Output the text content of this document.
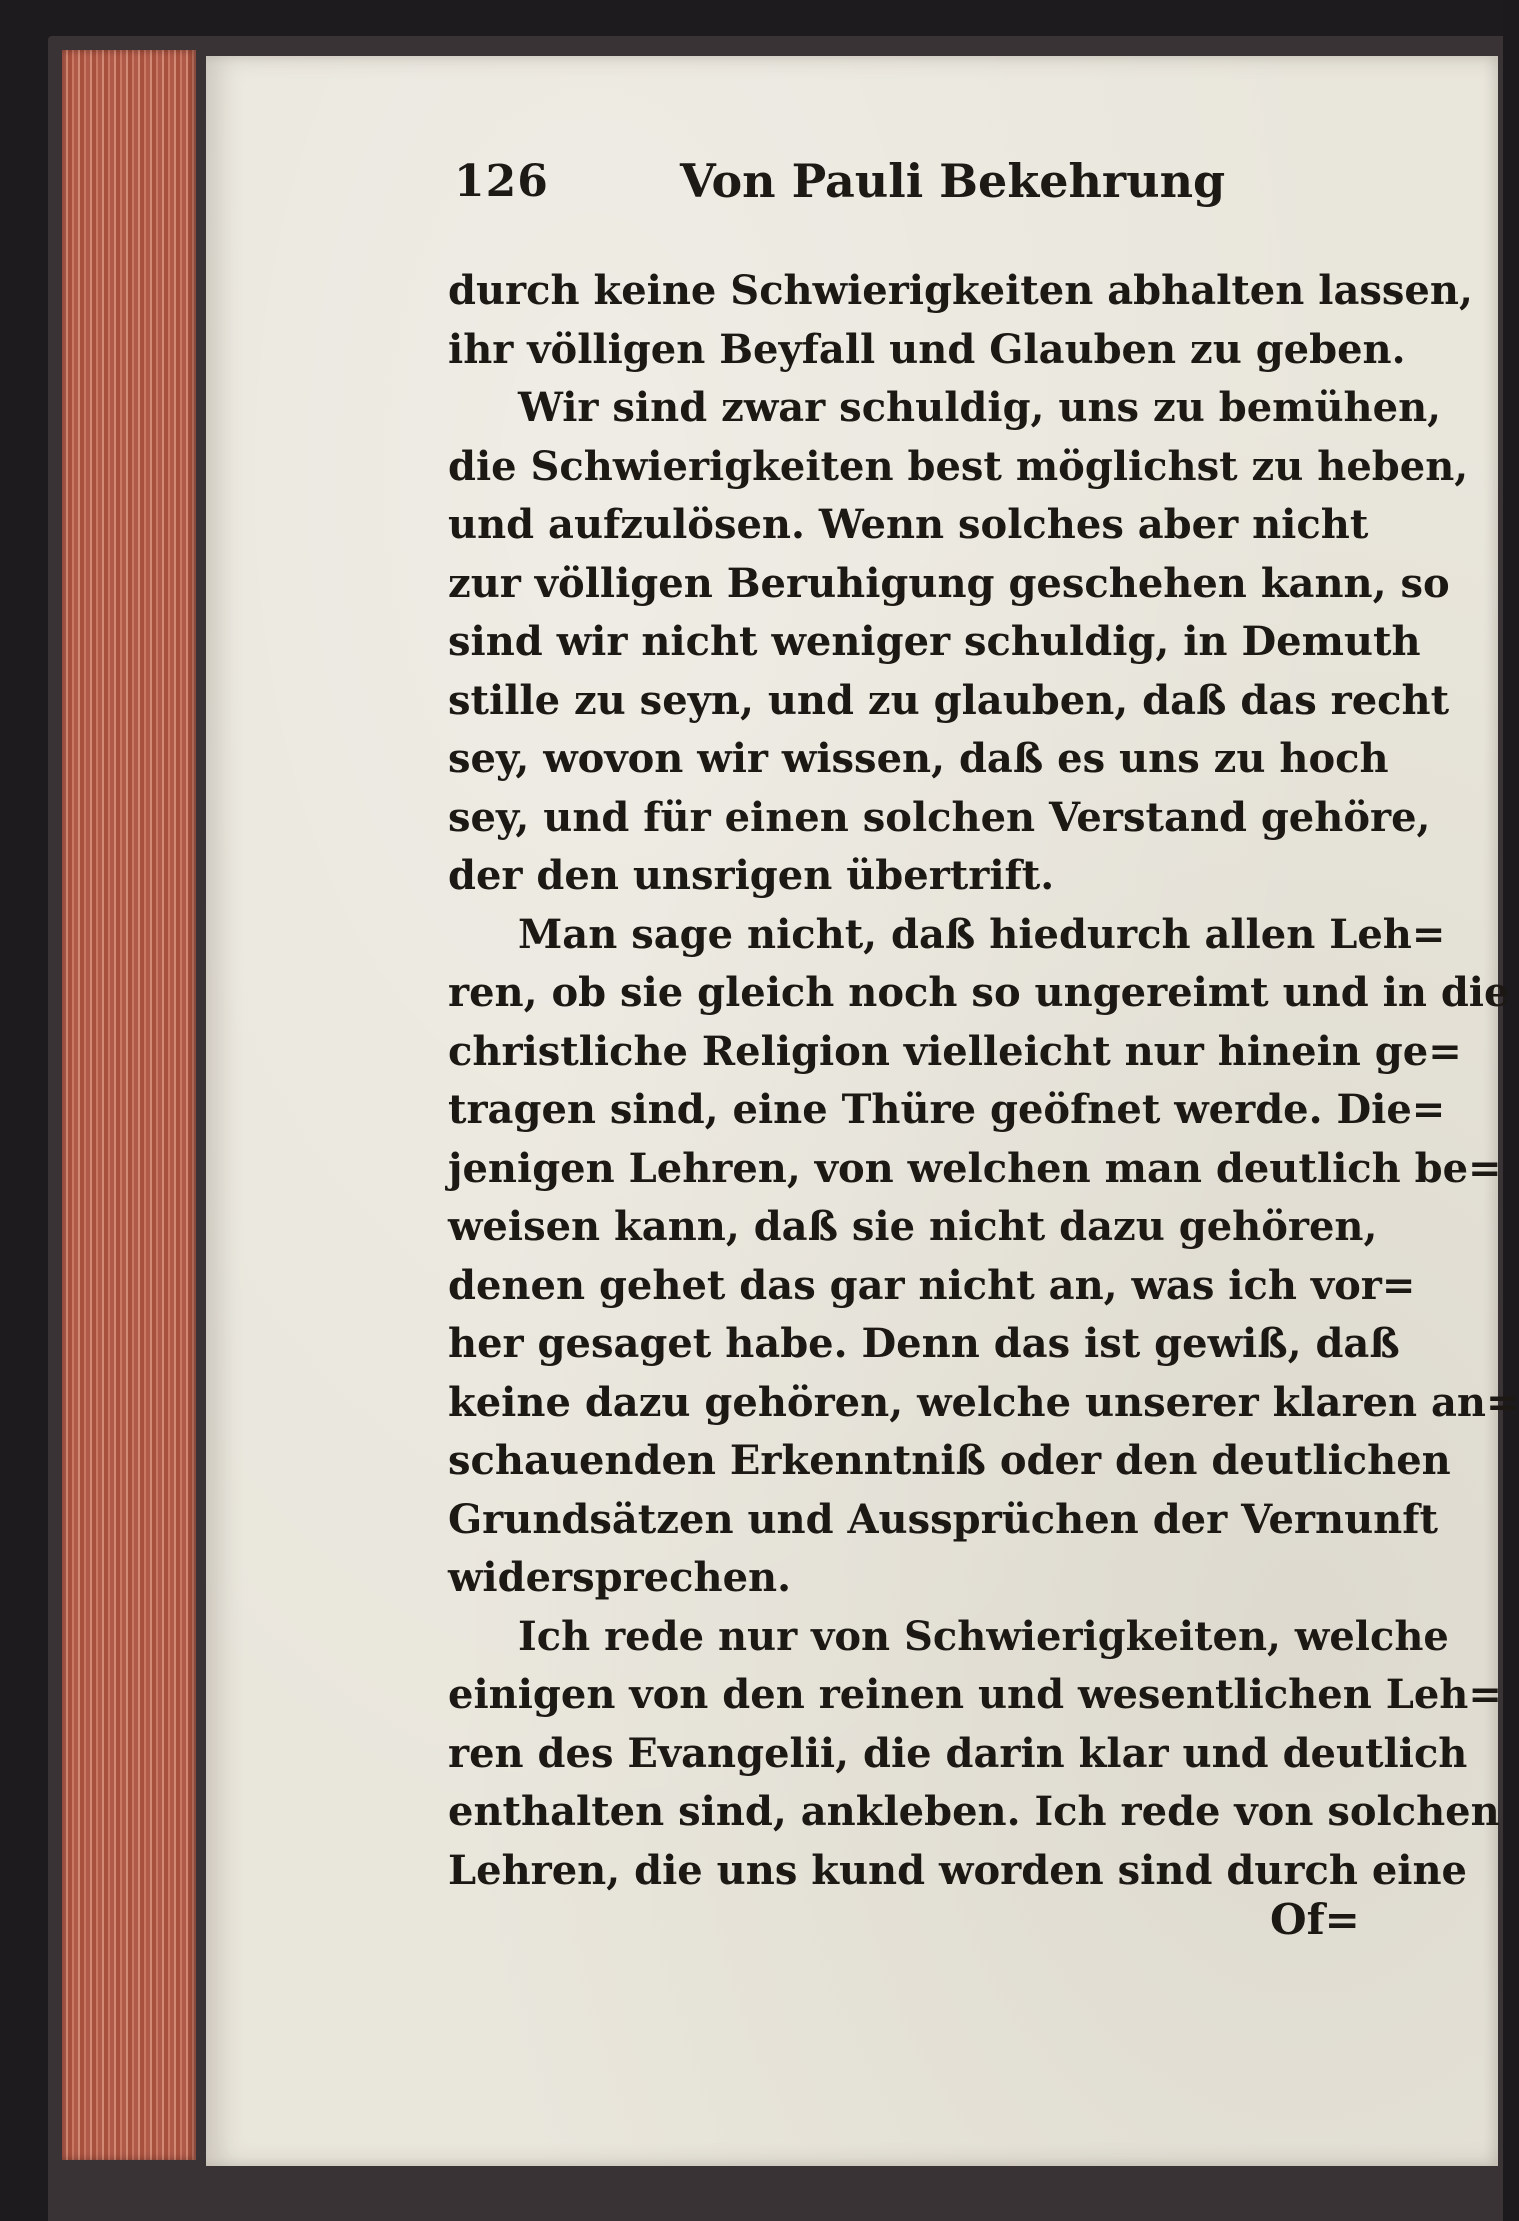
126	Von Pauli Bekehrung
durch keine Schwierigkeiten abhalten lassen,
ihr völligen Beyfall und Glauben zu geben.
Wir sind zwar schuldig, uns zu bemühen,
die Schwierigkeiten best möglichst zu heben,
und aufzulösen. Wenn solches aber nicht
zur völligen Beruhigung geschehen kann, so
sind wir nicht weniger schuldig, in Demuth
stille zu seyn, und zu glauben, daß das recht
sey, wovon wir wissen, daß es uns zu hoch
sey, und für einen solchen Verstand gehöre,
der den unsrigen übertrift.
Man sage nicht, daß hiedurch allen Leh=
ren, ob sie gleich noch so ungereimt und in die
christliche Religion vielleicht nur hinein ge=
tragen sind, eine Thüre geöfnet werde. Die=
jenigen Lehren, von welchen man deutlich be=
weisen kann, daß sie nicht dazu gehören,
denen gehet das gar nicht an, was ich vor=
her gesaget habe. Denn das ist gewiß, daß
keine dazu gehören, welche unserer klaren an=
schauenden Erkenntniß oder den deutlichen
Grundsätzen und Aussprüchen der Vernunft
widersprechen.
Ich rede nur von Schwierigkeiten, welche
einigen von den reinen und wesentlichen Leh=
ren des Evangelii, die darin klar und deutlich
enthalten sind, ankleben. Ich rede von solchen
Lehren, die uns kund worden sind durch eine
Of=
